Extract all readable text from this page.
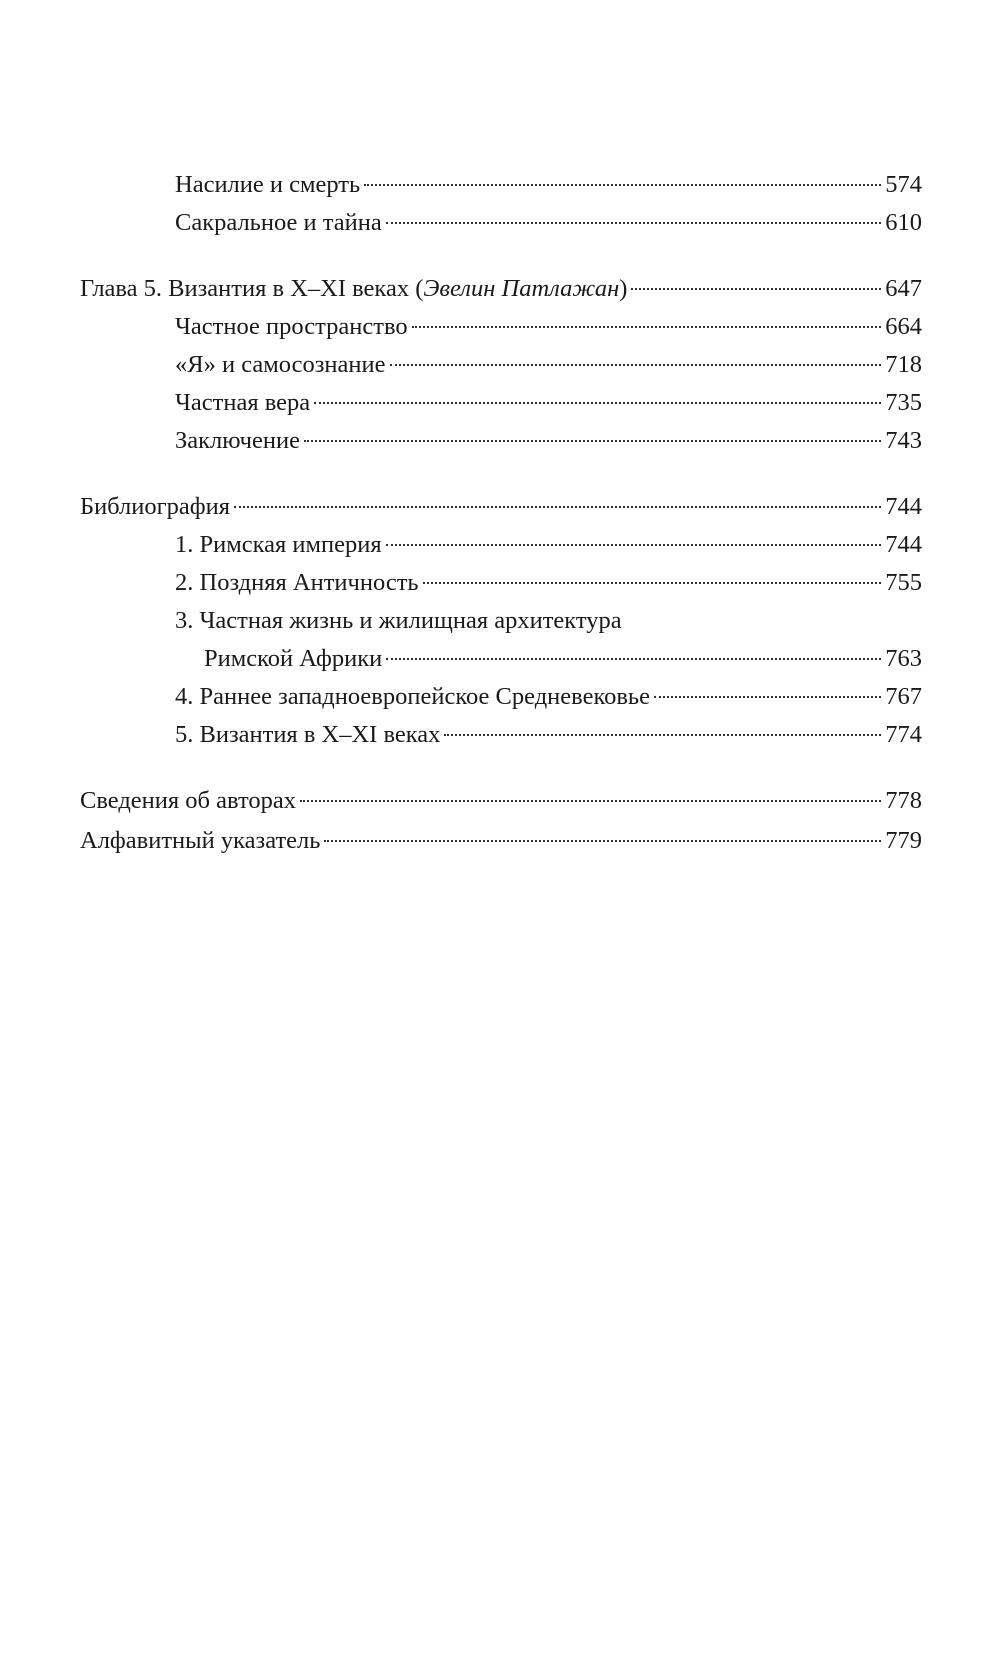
Насилие и смерть	574
Сакральное и тайна	610
Глава 5. Византия в X–XI веках (Эвелин Патлажан)	647
Частное пространство	664
«Я» и самосознание	718
Частная вера	735
Заключение	743
Библиография	744
1. Римская империя	744
2. Поздняя Античность	755
3. Частная жизнь и жилищная архитектура
Римской Африки	763
4. Раннее западноевропейское Средневековье	767
5. Византия в X–XI веках	774
Сведения об авторах	778
Алфавитный указатель	779
